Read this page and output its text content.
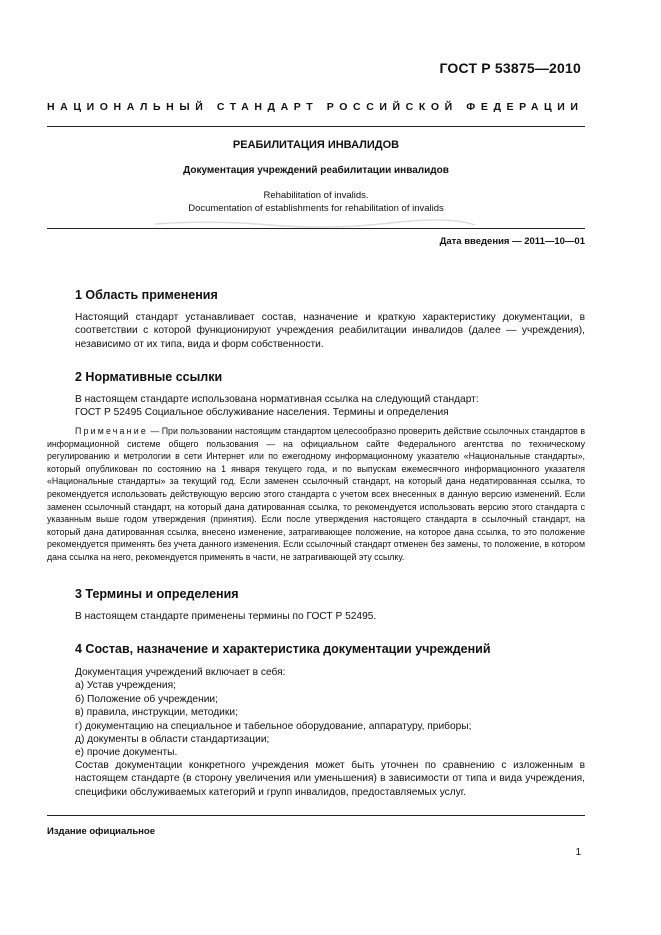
ГОСТ Р 53875—2010
НАЦИОНАЛЬНЫЙ СТАНДАРТ РОССИЙСКОЙ ФЕДЕРАЦИИ
РЕАБИЛИТАЦИЯ ИНВАЛИДОВ
Документация учреждений реабилитации инвалидов
Rehabilitation of invalids.
Documentation of establishments for rehabilitation of invalids
Дата введения — 2011—10—01
1 Область применения
Настоящий стандарт устанавливает состав, назначение и краткую характеристику документации, в соответствии с которой функционируют учреждения реабилитации инвалидов (далее — учреждения), независимо от их типа, вида и форм собственности.
2 Нормативные ссылки
В настоящем стандарте использована нормативная ссылка на следующий стандарт:
ГОСТ Р 52495 Социальное обслуживание населения. Термины и определения
Примечание — При пользовании настоящим стандартом целесообразно проверить действие ссылочных стандартов в информационной системе общего пользования — на официальном сайте Федерального агентства по техническому регулированию и метрологии в сети Интернет или по ежегодному информационному указателю «Национальные стандарты», который опубликован по состоянию на 1 января текущего года, и по выпускам ежемесячного информационного указателя «Национальные стандарты» за текущий год. Если заменен ссылочный стандарт, на который дана недатированная ссылка, то рекомендуется использовать действующую версию этого стандарта с учетом всех внесенных в данную версию изменений. Если заменен ссылочный стандарт, на который дана датированная ссылка, то рекомендуется использовать версию этого стандарта с указанным выше годом утверждения (принятия). Если после утверждения настоящего стандарта в ссылочный стандарт, на который дана датированная ссылка, внесено изменение, затрагивающее положение, на которое дана ссылка, то это положение рекомендуется применять без учета данного изменения. Если ссылочный стандарт отменен без замены, то положение, в котором дана ссылка на него, рекомендуется применять в части, не затрагивающей эту ссылку.
3 Термины и определения
В настоящем стандарте применены термины по ГОСТ Р 52495.
4 Состав, назначение и характеристика документации учреждений
Документация учреждений включает в себя:
а) Устав учреждения;
б) Положение об учреждении;
в) правила, инструкции, методики;
г) документацию на специальное и табельное оборудование, аппаратуру, приборы;
д) документы в области стандартизации;
е) прочие документы.
Состав документации конкретного учреждения может быть уточнен по сравнению с изложенным в настоящем стандарте (в сторону увеличения или уменьшения) в зависимости от типа и вида учреждения, специфики обслуживаемых категорий и групп инвалидов, предоставляемых услуг.
Издание официальное
1
